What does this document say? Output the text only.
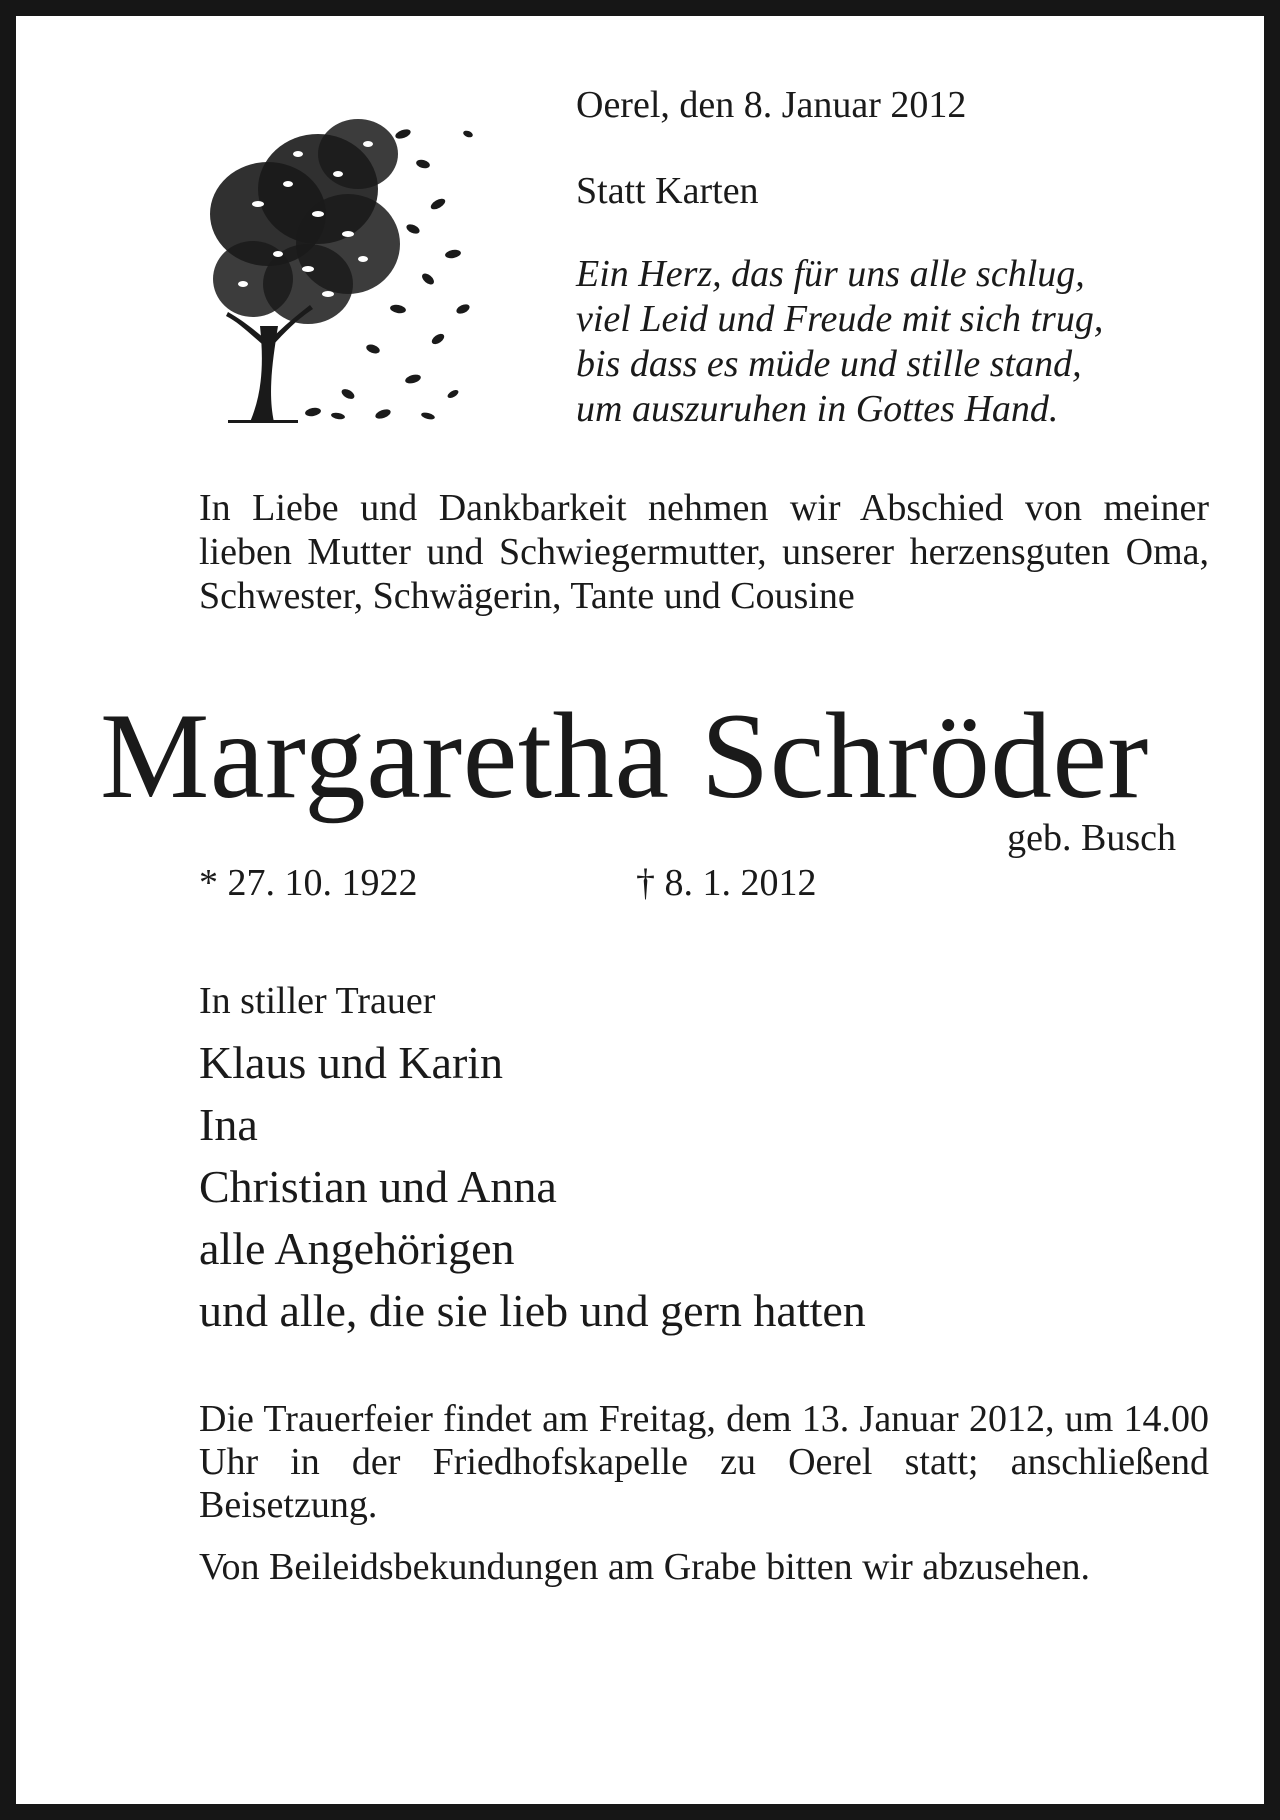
Oerel, den 8. Januar 2012
Statt Karten
Ein Herz, das für uns alle schlug,
viel Leid und Freude mit sich trug,
bis dass es müde und stille stand,
um auszuruhen in Gottes Hand.

In Liebe und Dankbarkeit nehmen wir Abschied von meiner lieben Mutter und Schwiegermutter, unserer herzensguten Oma, Schwester, Schwägerin, Tante und Cousine

Margaretha Schröder
geb. Busch
* 27. 10. 1922	† 8. 1. 2012
In stiller Trauer
Klaus und Karin
Ina
Christian und Anna
alle Angehörigen
und alle, die sie lieb und gern hatten

Die Trauerfeier findet am Freitag, dem 13. Januar 2012, um 14.00 Uhr in der Friedhofskapelle zu Oerel statt; anschließend Beisetzung.

Von Beileidsbekundungen am Grabe bitten wir abzusehen.
